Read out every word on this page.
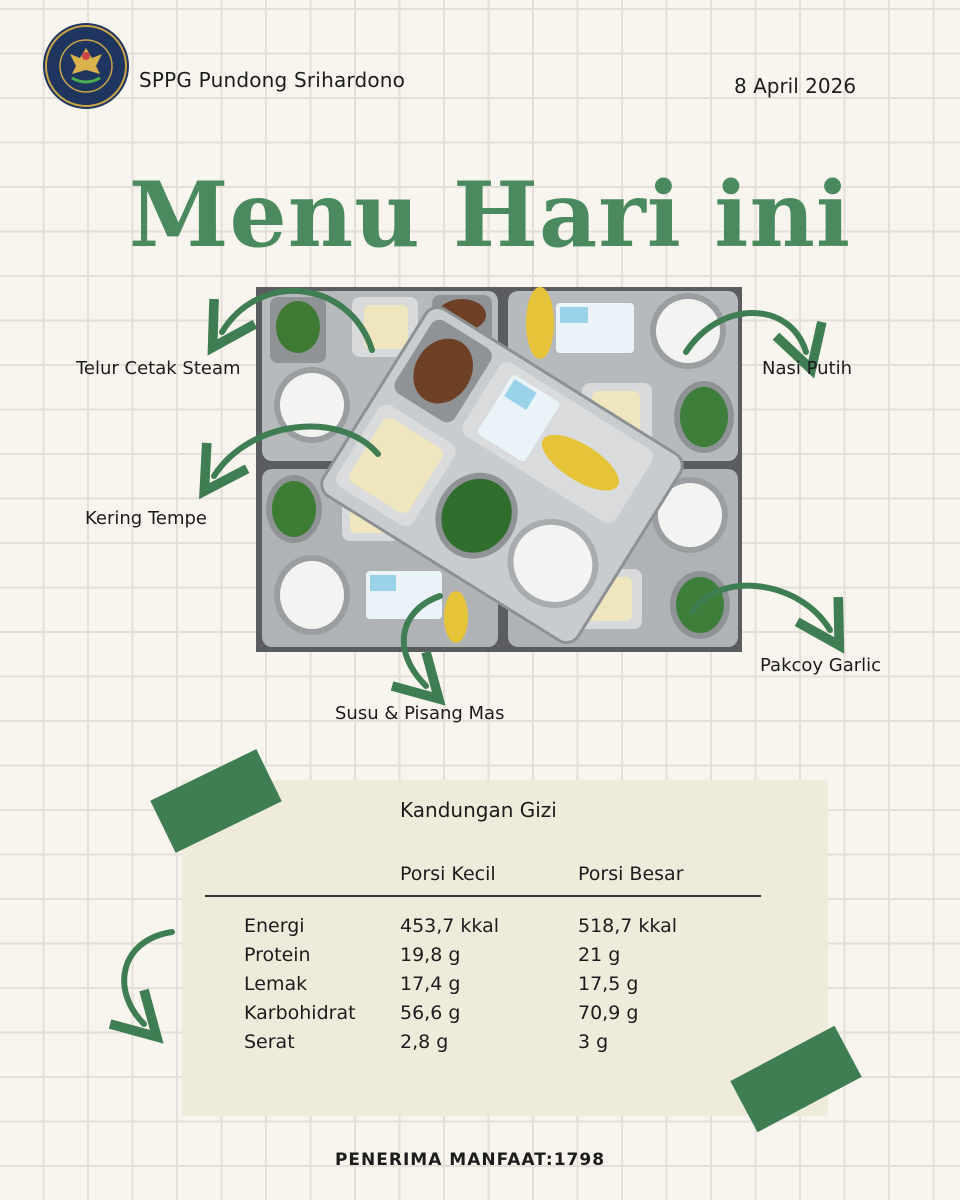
SPPG Pundong Srihardono	8 April 2026
Menu Hari ini
Telur Cetak Steam	Nasi Putih
Kering Tempe
Pakcoy Garlic
Susu & Pisang Mas
Kandungan Gizi
Porsi Kecil	Porsi Besar
Energi	453,7 kkal	518,7 kkal
Protein	19,8 g	21 g
Lemak	17,4 g	17,5 g
Karbohidrat 56,6 g	70,9 g
Serat	2,8 g	3 g
PENERIMA MANFAAT:1798
